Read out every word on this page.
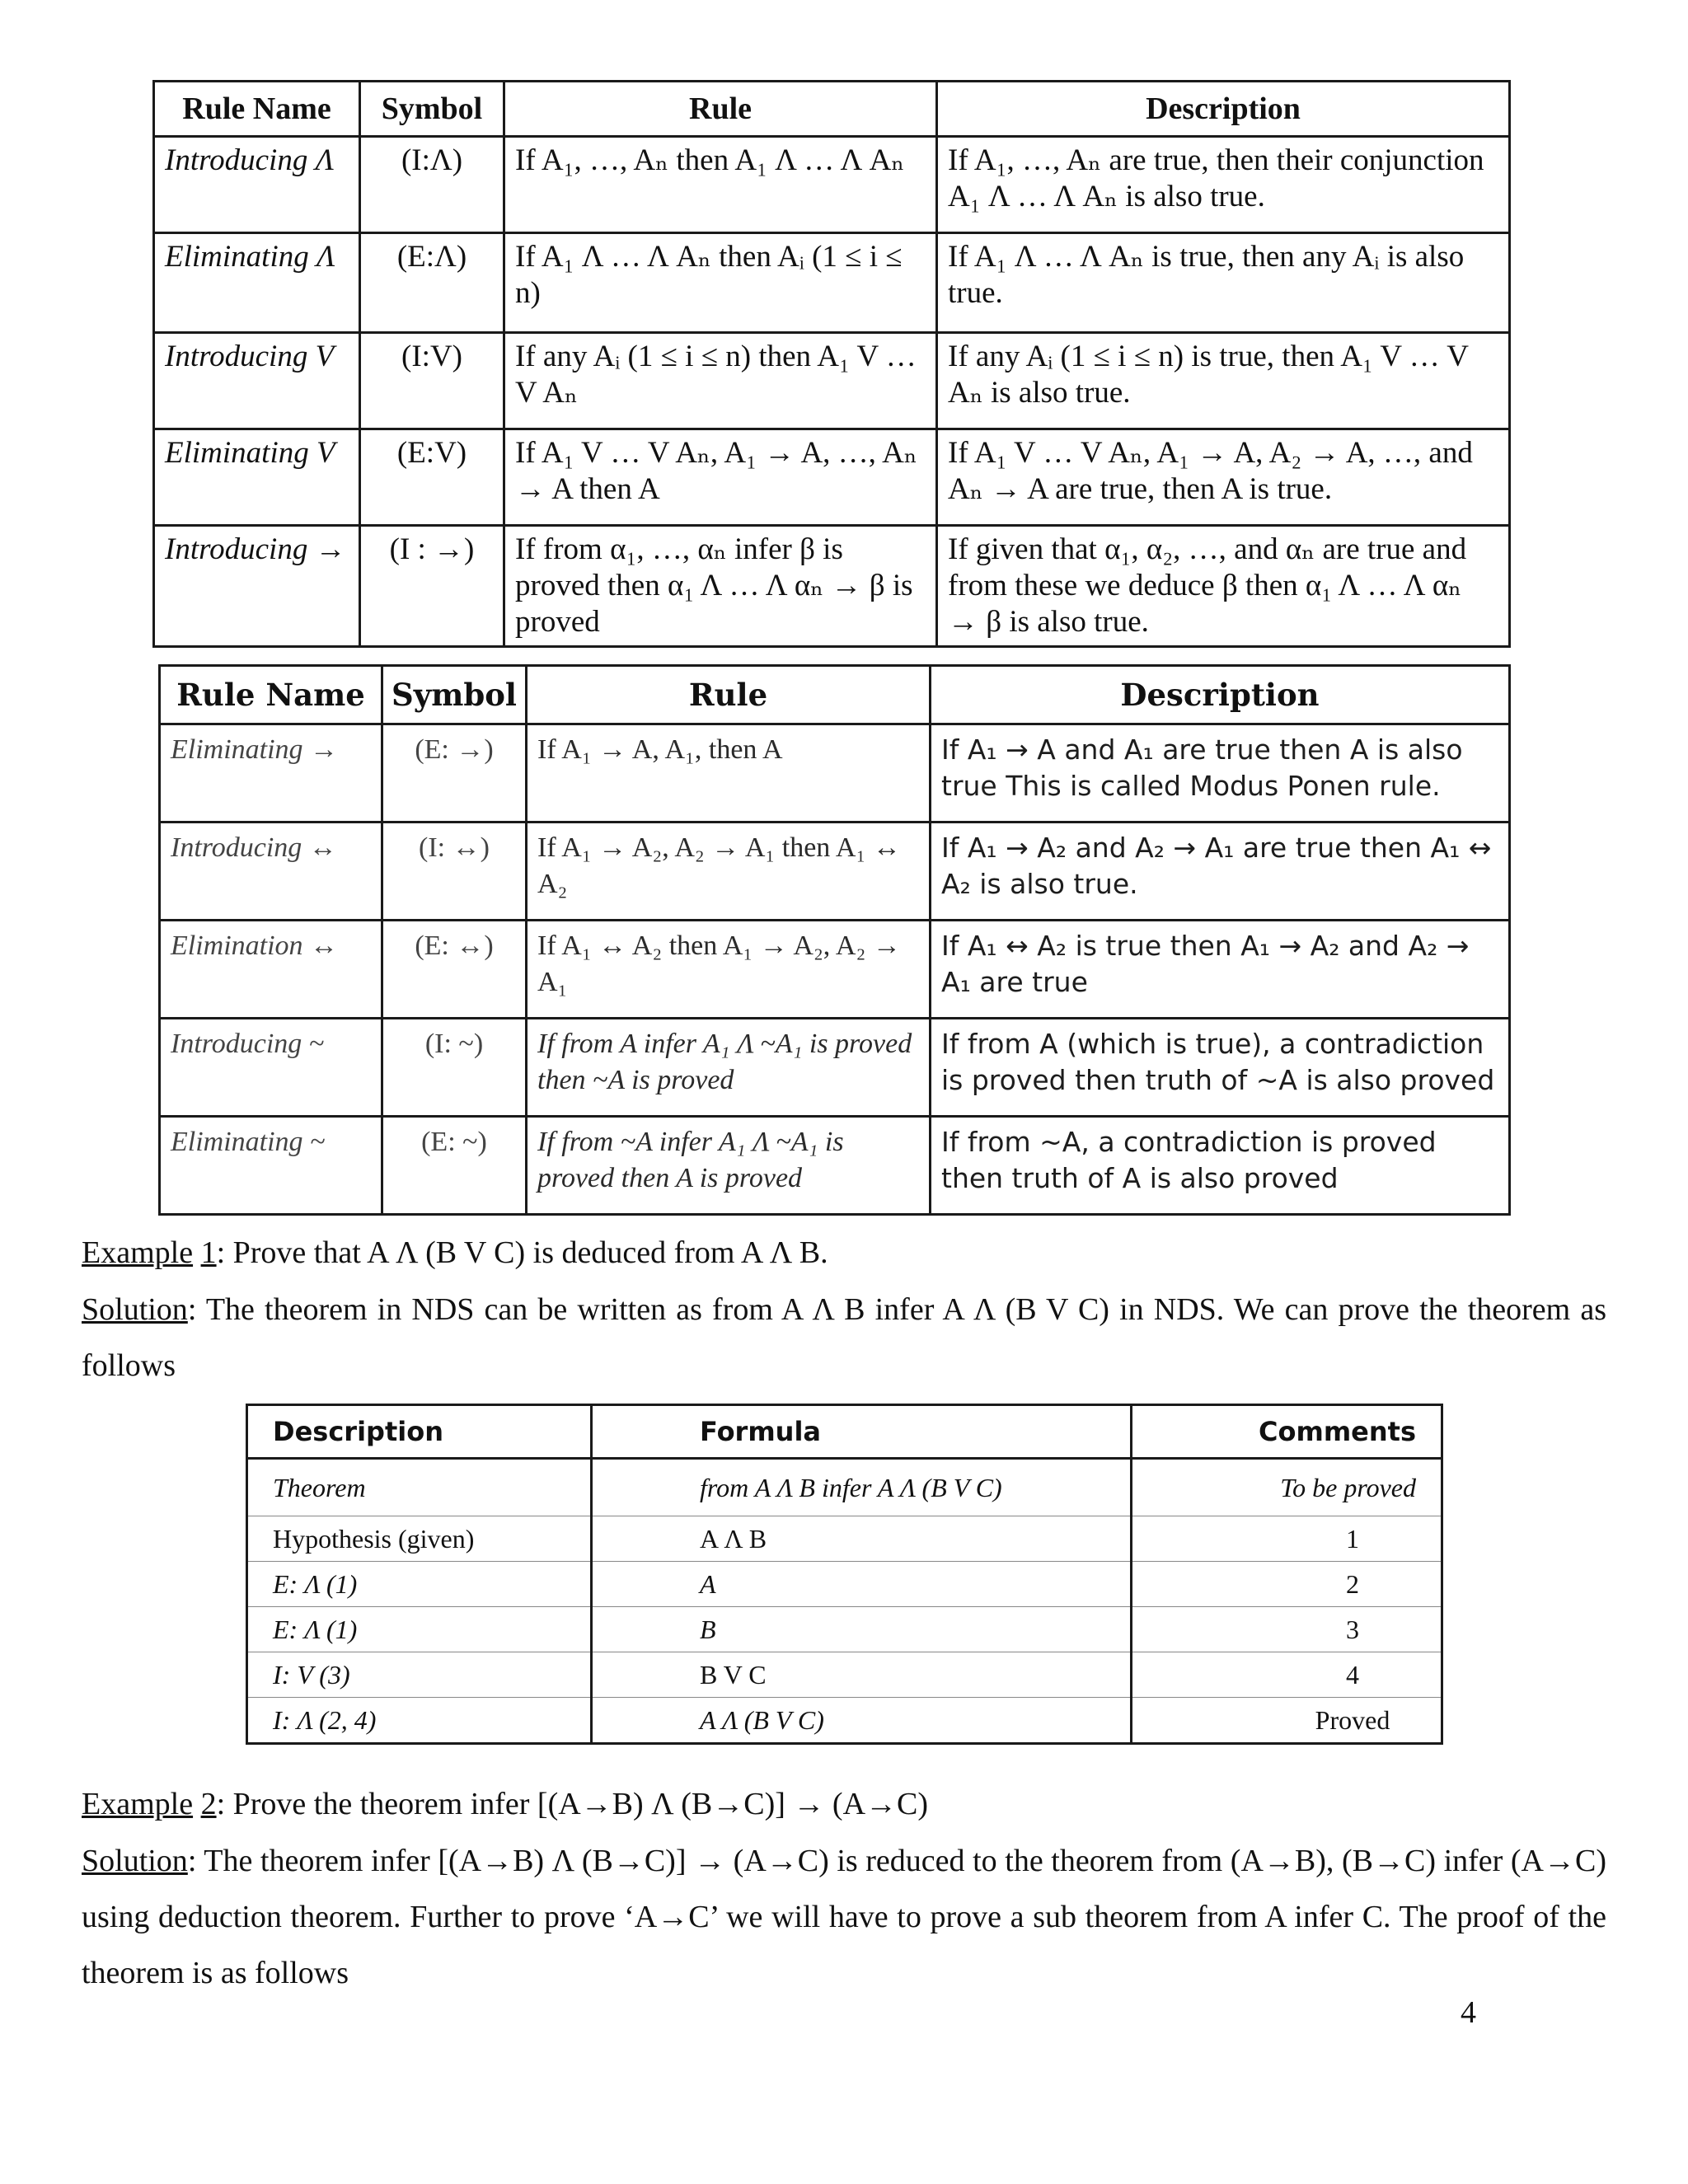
Rule Name	Symbol	Rule	Description
Introducing Λ	(I:Λ)	If A₁, …, Aₙ then A₁ Λ … Λ Aₙ	If A₁, …, Aₙ are true, then their conjunction A₁ Λ … Λ Aₙ is also true.
Eliminating Λ	(E:Λ)	If A₁ Λ … Λ Aₙ then Aᵢ (1 ≤ i ≤ n)	If A₁ Λ … Λ Aₙ is true, then any Aᵢ is also true.
Introducing V	(I:V)	If any Aᵢ (1 ≤ i ≤ n) then A₁ V … V Aₙ	If any Aᵢ (1 ≤ i ≤ n) is true, then A₁ V … V Aₙ is also true.
Eliminating V	(E:V)	If A₁ V … V Aₙ, A₁ → A, …, Aₙ → A then A	If A₁ V … V Aₙ, A₁ → A, A₂ → A, …, and Aₙ → A are true, then A is true.
Introducing →	(I : →)	If from α₁, …, αₙ infer β is proved then α₁ Λ … Λ αₙ → β is proved	If given that α₁, α₂, …, and αₙ are true and from these we deduce β then α₁ Λ … Λ αₙ → β is also true.
Rule Name	Symbol	Rule	Description
Eliminating →	(E: →)	If A₁ → A, A₁, then A	If A₁ → A and A₁ are true then A is also true This is called Modus Ponen rule.
Introducing ↔	(I: ↔)	If A₁ → A₂, A₂ → A₁ then A₁ ↔ A₂	If A₁ → A₂ and A₂ → A₁ are true then A₁ ↔ A₂ is also true.
Elimination ↔	(E: ↔)	If A₁ ↔ A₂ then A₁ → A₂, A₂ → A₁	If A₁ ↔ A₂ is true then A₁ → A₂ and A₂ → A₁ are true
Introducing ~	(I: ~)	If from A infer A₁ Λ ~A₁ is proved then ~A is proved	If from A (which is true), a contradiction is proved then truth of ~A is also proved
Eliminating ~	(E: ~)	If from ~A infer A₁ Λ ~A₁ is proved then A is proved	If from ~A, a contradiction is proved then truth of A is also proved
Example 1: Prove that A Λ (B V C) is deduced from A Λ B.
Solution: The theorem in NDS can be written as from A Λ B infer A Λ (B V C) in NDS. We can prove the theorem as follows
Description	Formula	Comments
Theorem	from A Λ B infer A Λ (B V C)	To be proved
Hypothesis (given)	A Λ B	1
E: Λ (1)	A	2
E: Λ (1)	B	3
I: V (3)	B V C	4
I: Λ (2, 4)	A Λ (B V C)	Proved
Example 2: Prove the theorem infer [(A→B) Λ (B→C)] → (A→C)
Solution: The theorem infer [(A→B) Λ (B→C)] → (A→C) is reduced to the theorem from (A→B), (B→C) infer (A→C) using deduction theorem. Further to prove ‘A→C’ we will have to prove a sub theorem from A infer C. The proof of the theorem is as follows
4
